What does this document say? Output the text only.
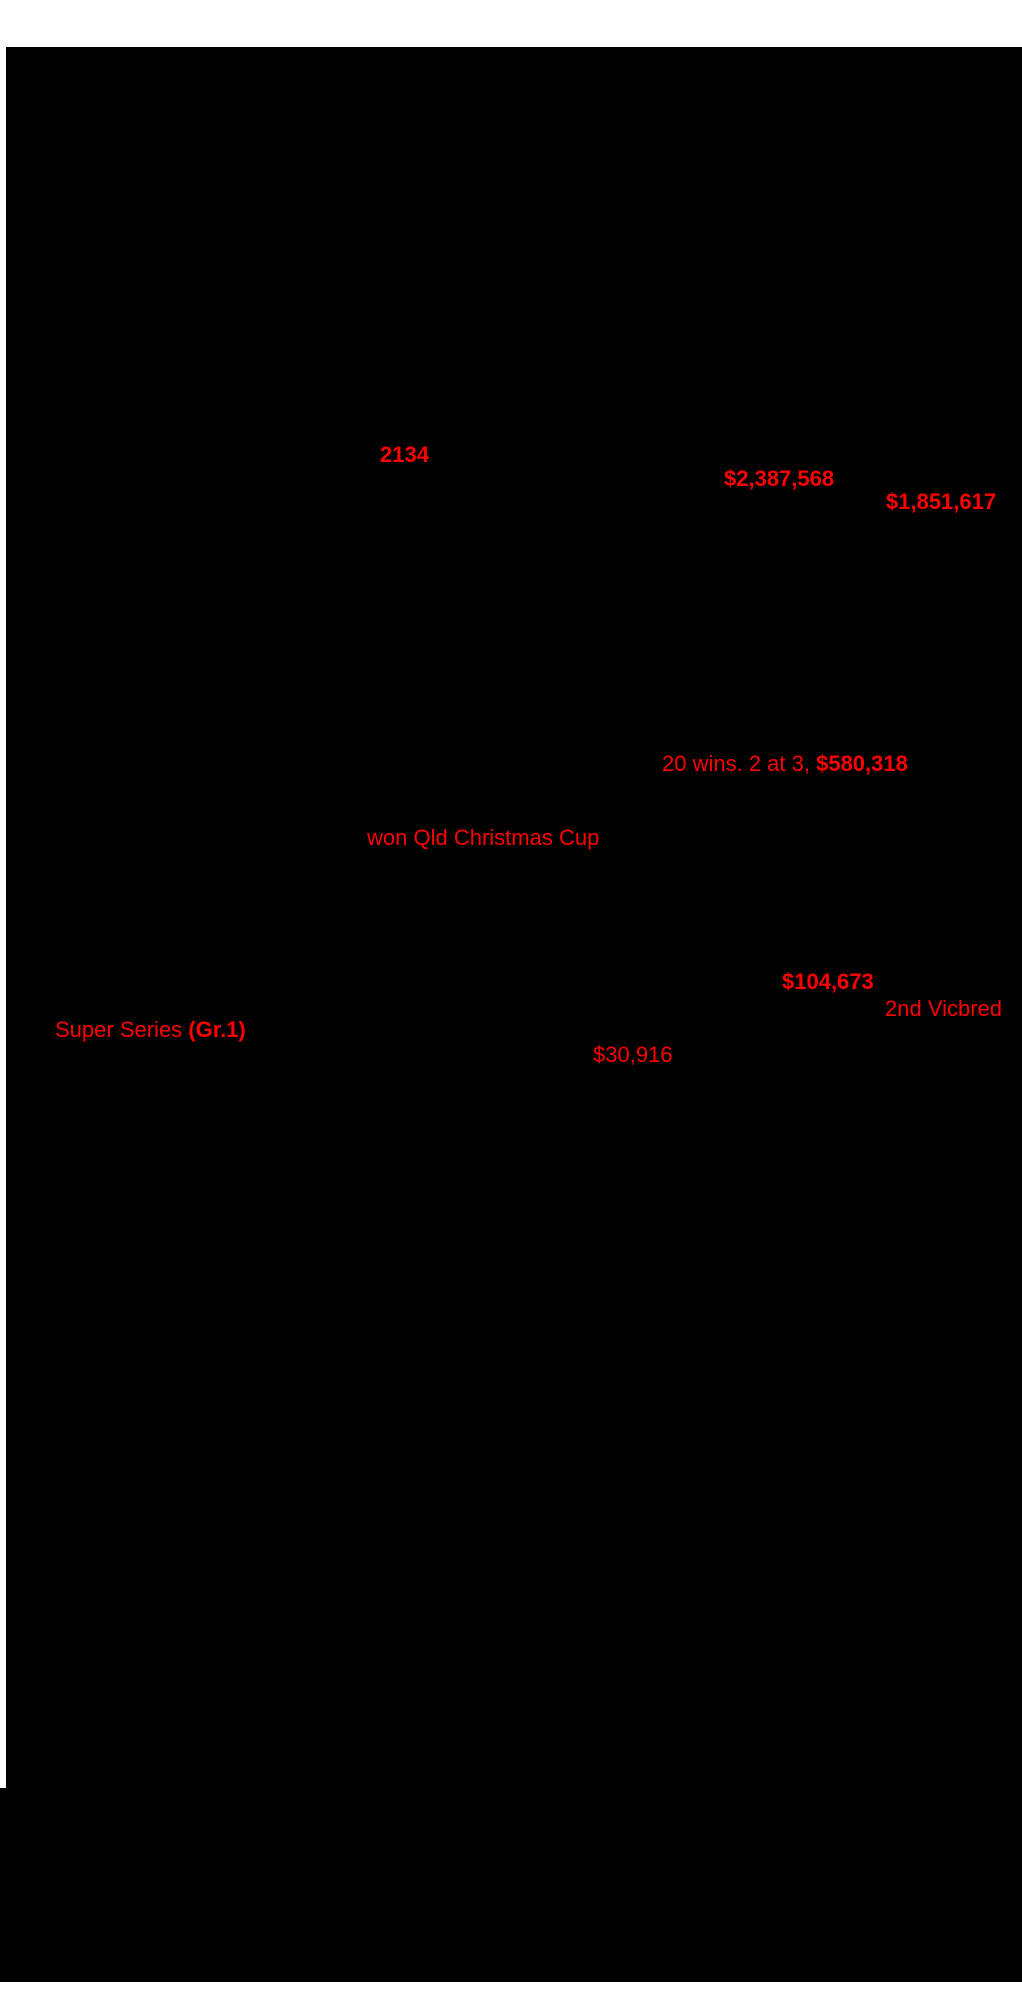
2134
$2,387,568
$1,851,617
20 wins. 2 at 3, $580,318
won Qld Christmas Cup
$104,673
2nd Vicbred
Super Series (Gr.1)
$30,916
